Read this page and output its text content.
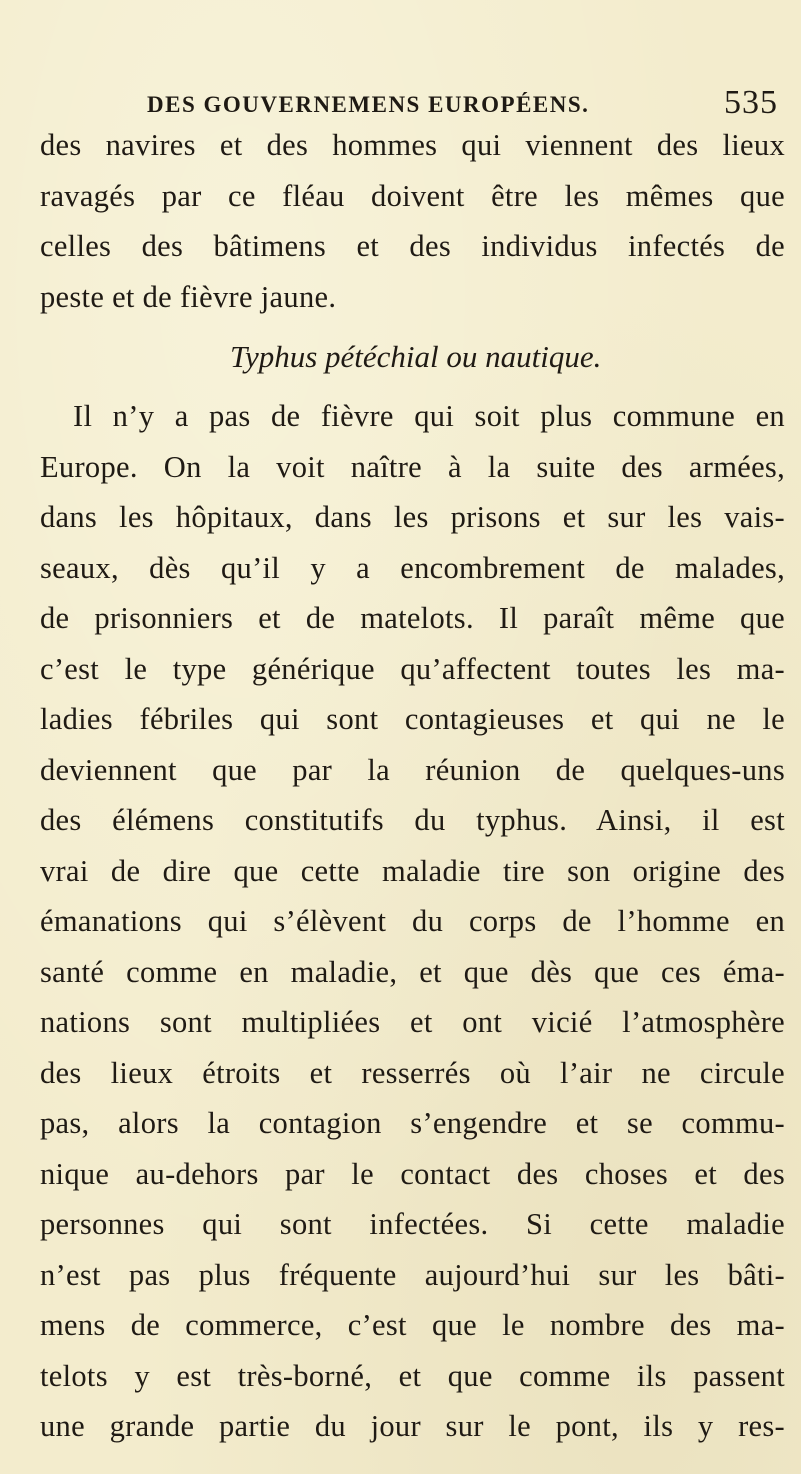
DES GOUVERNEMENS EUROPÉENS.	535
des navires et des hommes qui viennent des lieux
ravagés par ce fléau doivent être les mêmes que
celles des bâtimens et des individus infectés de
peste et de fièvre jaune.
Typhus pétéchial ou nautique.
Il n’y a pas de fièvre qui soit plus commune en
Europe. On la voit naître à la suite des armées,
dans les hôpitaux, dans les prisons et sur les vais-
seaux, dès qu’il y a encombrement de malades,
de prisonniers et de matelots. Il paraît même que
c’est le type générique qu’affectent toutes les ma-
ladies fébriles qui sont contagieuses et qui ne le
deviennent que par la réunion de quelques-uns
des élémens constitutifs du typhus. Ainsi, il est
vrai de dire que cette maladie tire son origine des
émanations qui s’élèvent du corps de l’homme en
santé comme en maladie, et que dès que ces éma-
nations sont multipliées et ont vicié l’atmosphère
des lieux étroits et resserrés où l’air ne circule
pas, alors la contagion s’engendre et se commu-
nique au-dehors par le contact des choses et des
personnes qui sont infectées. Si cette maladie
n’est pas plus fréquente aujourd’hui sur les bâti-
mens de commerce, c’est que le nombre des ma-
telots y est très-borné, et que comme ils passent
une grande partie du jour sur le pont, ils y res-
